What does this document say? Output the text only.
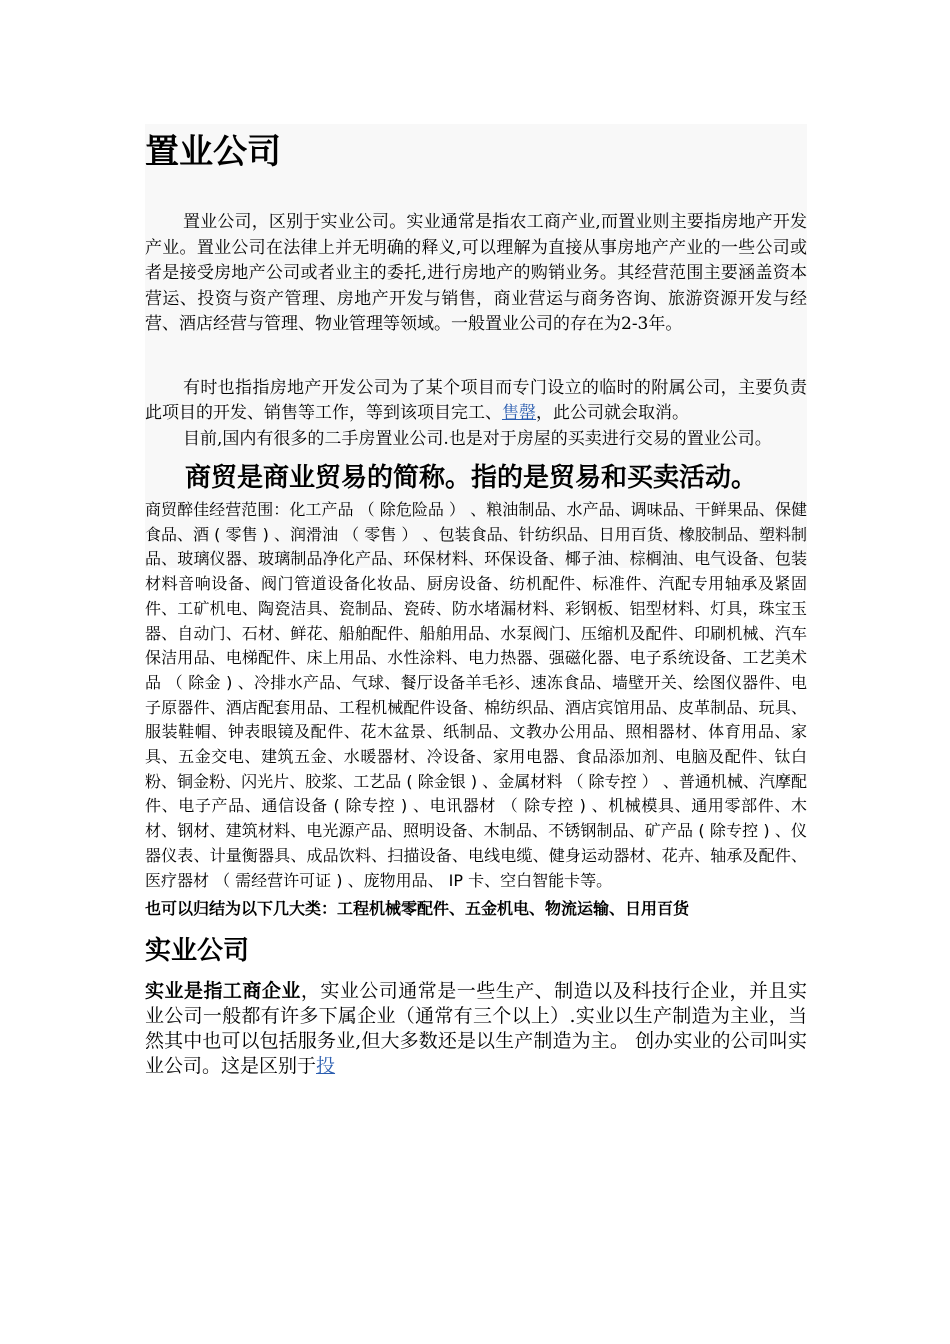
置业公司

置业公司，区别于实业公司。实业通常是指农工商产业,而置业则主要指房地产开发产业。置业公司在法律上并无明确的释义,可以理解为直接从事房地产产业的一些公司或者是接受房地产公司或者业主的委托,进行房地产的购销业务。其经营范围主要涵盖资本营运、投资与资产管理、房地产开发与销售，商业营运与商务咨询、旅游资源开发与经营、酒店经营与管理、物业管理等领域。一般置业公司的存在为2-3年。

有时也指指房地产开发公司为了某个项目而专门设立的临时的附属公司，主要负责此项目的开发、销售等工作，等到该项目完工、售罄，此公司就会取消。

目前,国内有很多的二手房置业公司.也是对于房屋的买卖进行交易的置业公司。

商贸是商业贸易的简称。指的是贸易和买卖活动。

商贸醉佳经营范围：化工产品 （ 除危险品 ） 、粮油制品、水产品、调味品、干鲜果品、保健食品、酒 ( 零售 ) 、润滑油 （ 零售 ） 、包装食品、针纺织品、日用百货、橡胶制品、塑料制品、玻璃仪器、玻璃制品净化产品、环保材料、环保设备、椰子油、棕榈油、电气设备、包装材料音响设备、阀门管道设备化妆品、厨房设备、纺机配件、标准件、汽配专用轴承及紧固件、工矿机电、陶瓷洁具、瓷制品、瓷砖、防水堵漏材料、彩钢板、铝型材料、灯具，珠宝玉器、自动门、石材、鲜花、船舶配件、船舶用品、水泵阀门、压缩机及配件、印刷机械、汽车保洁用品、电梯配件、床上用品、水性涂料、电力热器、强磁化器、电子系统设备、工艺美术品 （ 除金 ) 、冷排水产品、气球、餐厅设备羊毛衫、速冻食品、墙壁开关、绘图仪器件、电子原器件、酒店配套用品、工程机械配件设备、棉纺织品、酒店宾馆用品、皮革制品、玩具、服装鞋帽、钟表眼镜及配件、花木盆景、纸制品、文教办公用品、照相器材、体育用品、家具、五金交电、建筑五金、水暖器材、冷设备、家用电器、食品添加剂、电脑及配件、钛白粉、铜金粉、闪光片、胶浆、工艺品 ( 除金银 ) 、金属材料 （ 除专控 ） 、普通机械、汽摩配件、电子产品、通信设备 ( 除专控 ) 、电讯器材 （ 除专控 ) 、机械模具、通用零部件、木材、钢材、建筑材料、电光源产品、照明设备、木制品、不锈钢制品、矿产品 ( 除专控 ) 、仪器仪表、计量衡器具、成品饮料、扫描设备、电线电缆、健身运动器材、花卉、轴承及配件、医疗器材 （ 需经营许可证 ) 、庞物用品、 IP 卡、空白智能卡等。

也可以归结为以下几大类：工程机械零配件、五金机电、物流运输、日用百货

实业公司

实业是指工商企业，实业公司通常是一些生产、制造以及科技行企业，并且实业公司一般都有许多下属企业（通常有三个以上）.实业以生产制造为主业，当然其中也可以包括服务业,但大多数还是以生产制造为主。 创办实业的公司叫实业公司。这是区别于投
